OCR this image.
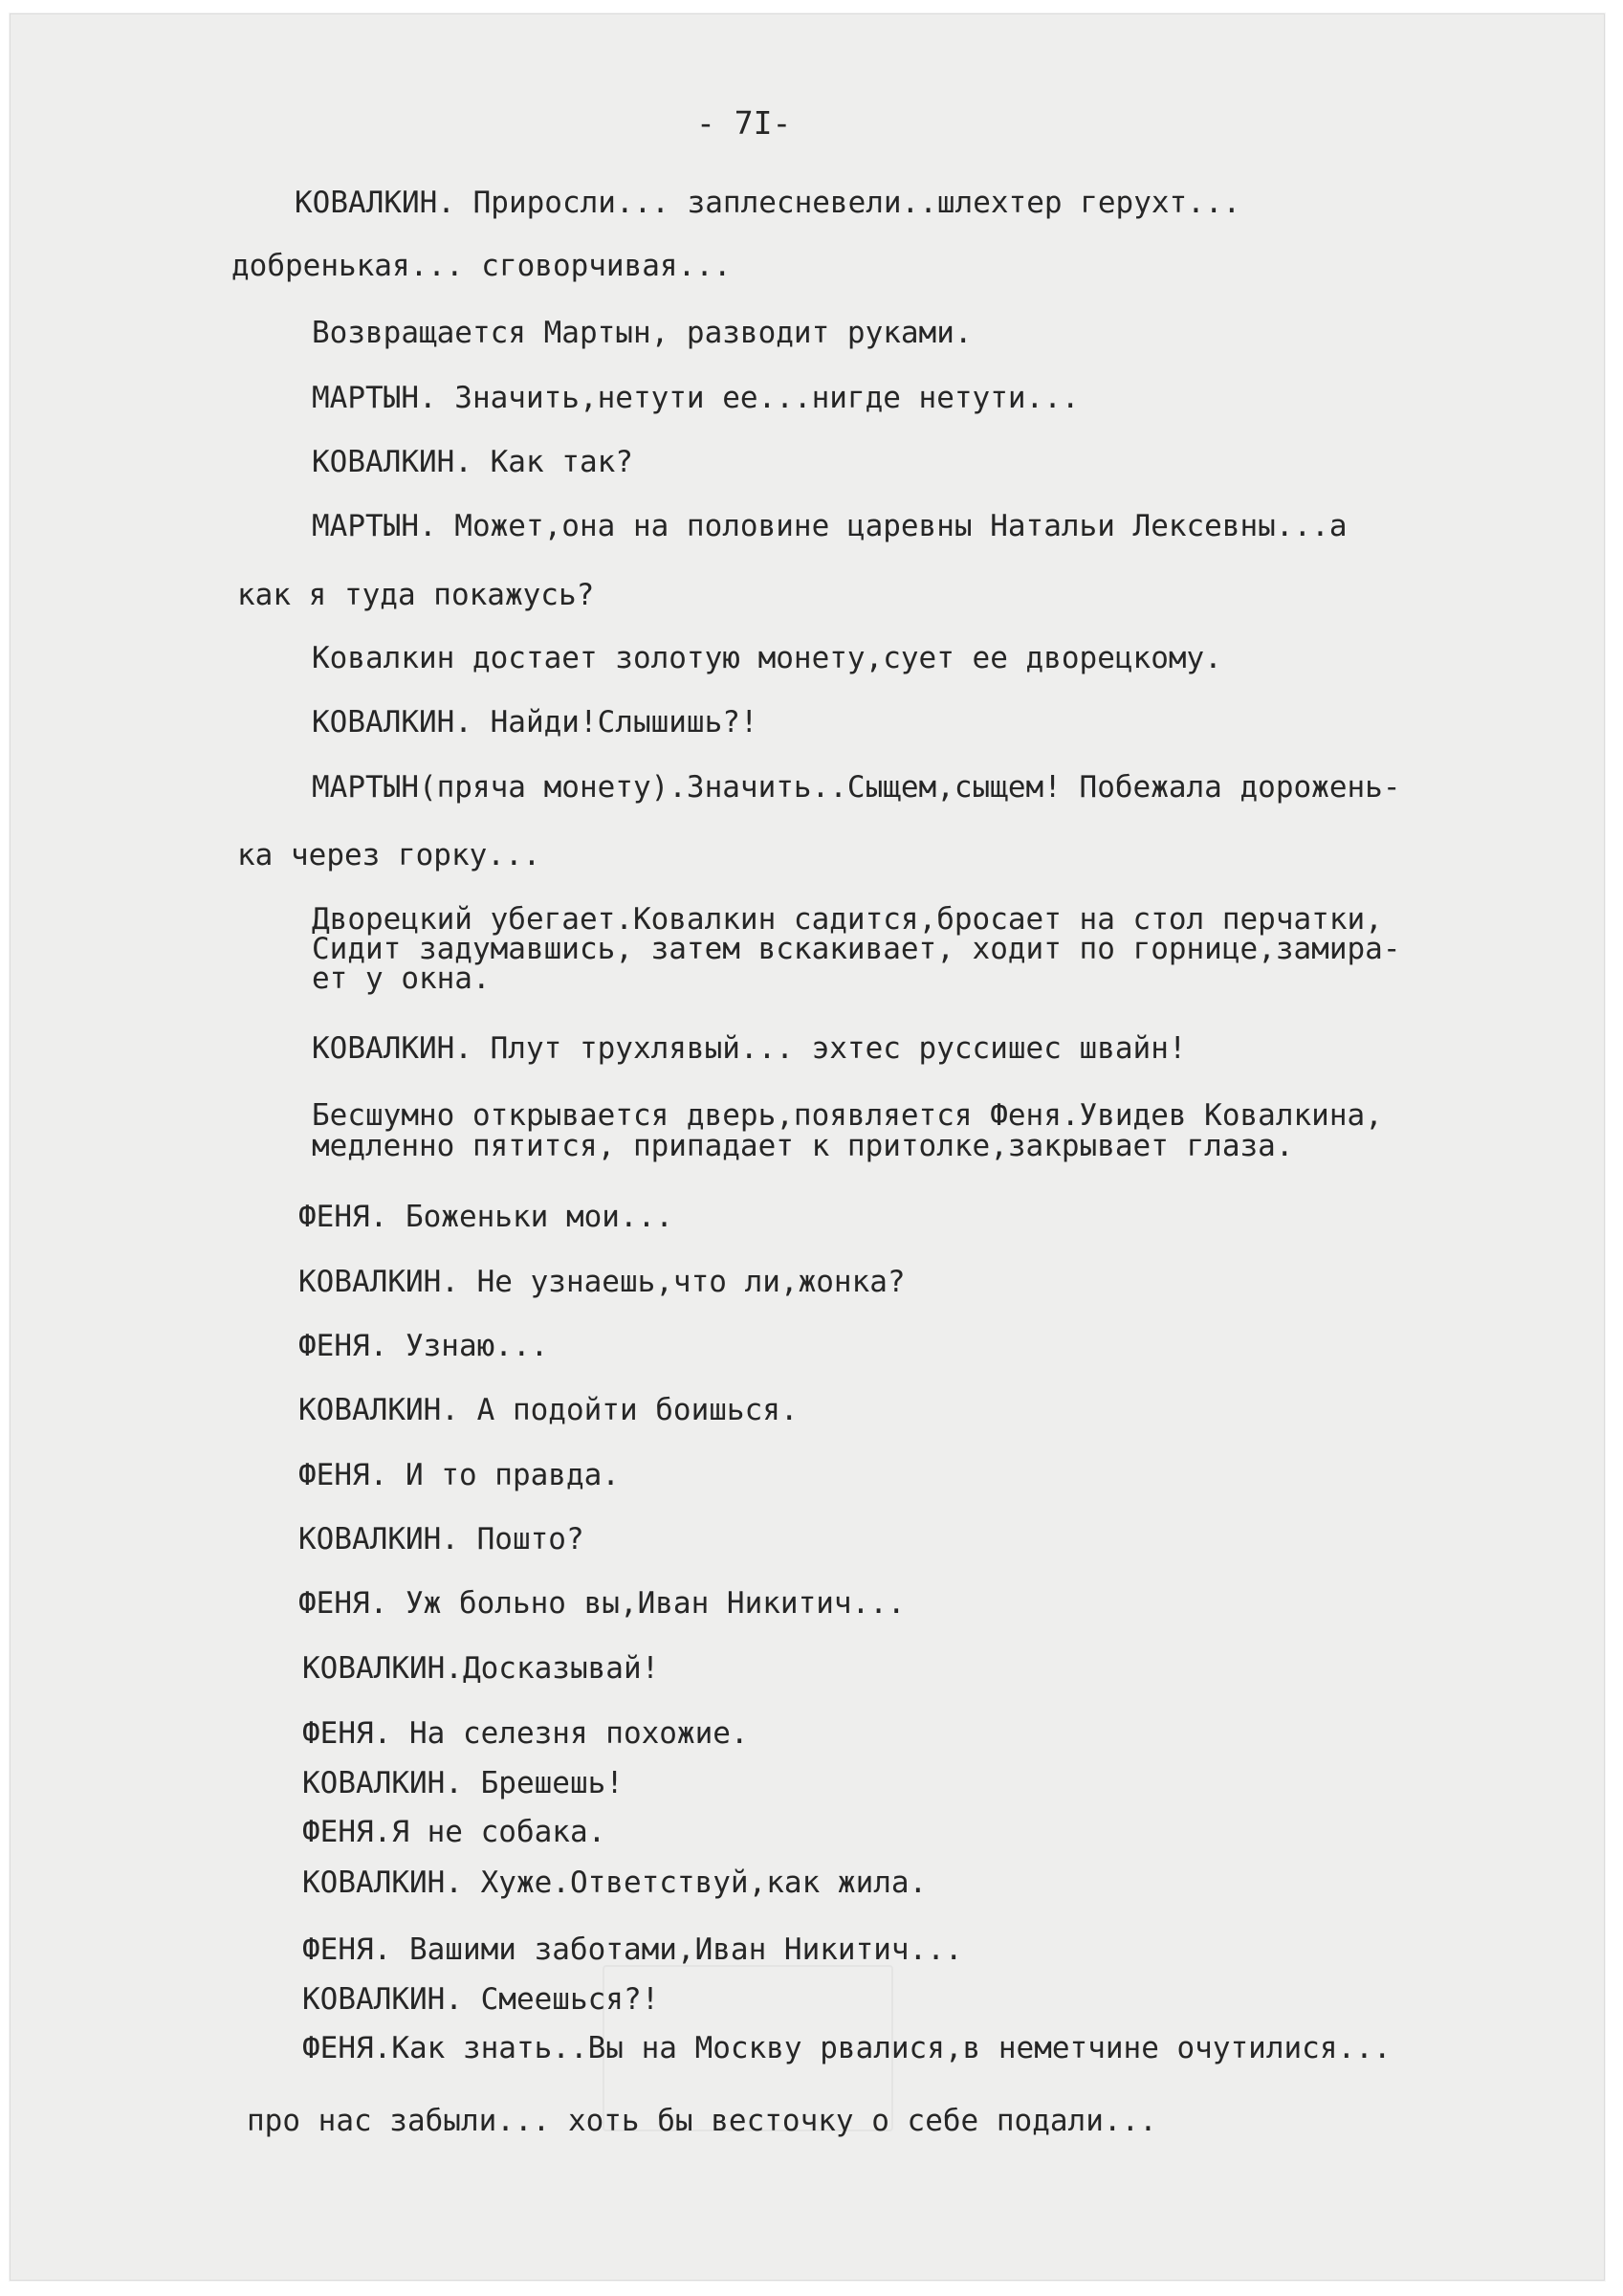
- 7I-
КОВАЛКИН. Приросли... заплесневели..шлехтер герухт...
добренькая... сговорчивая...
Возвращается Мартын, разводит руками.
МАРТЫН. Значить,нетути ее...нигде нетути...
КОВАЛКИН. Как так?
МАРТЫН. Может,она на половине царевны Натальи Лексевны...а
как я туда покажусь?
Ковалкин достает золотую монету,сует ее дворецкому.
КОВАЛКИН. Найди!Слышишь?!
МАРТЫН(пряча монету).Значить..Сыщем,сыщем! Побежала дорожень-
ка через горку...
Дворецкий убегает.Ковалкин садится,бросает на стол перчатки,
Сидит задумавшись, затем вскакивает, ходит по горнице,замира-
ет у окна.
КОВАЛКИН. Плут трухлявый... эхтес руссишес швайн!
Бесшумно открывается дверь,появляется Феня.Увидев Ковалкина,
медленно пятится, припадает к притолке,закрывает глаза.
ФЕНЯ. Боженьки мои...
КОВАЛКИН. Не узнаешь,что ли,жонка?
ФЕНЯ. Узнаю...
КОВАЛКИН. А подойти боишься.
ФЕНЯ. И то правда.
КОВАЛКИН. Пошто?
ФЕНЯ. Уж больно вы,Иван Никитич...
КОВАЛКИН.Досказывай!
ФЕНЯ. На селезня похожие.
КОВАЛКИН. Брешешь!
ФЕНЯ.Я не собака.
КОВАЛКИН. Хуже.Ответствуй,как жила.
ФЕНЯ. Вашими заботами,Иван Никитич...
КОВАЛКИН. Смеешься?!
ФЕНЯ.Как знать..Вы на Москву рвалися,в неметчине очутилися...
про нас забыли... хоть бы весточку о себе подали...
